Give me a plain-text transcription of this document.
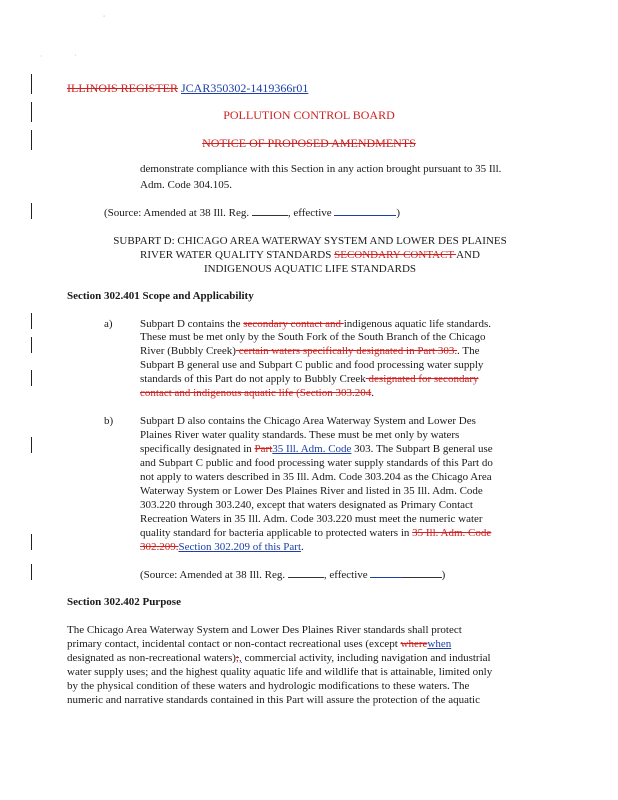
ﾟ
·	·
ILLINOIS REGISTER JCAR350302-1419366r01
POLLUTION CONTROL BOARD
NOTICE OF PROPOSED AMENDMENTS
demonstrate compliance with this Section in any action brought pursuant to 35 Ill.
Adm. Code 304.105.
(Source: Amended at 38 Ill. Reg.	, effective	)
SUBPART D: CHICAGO AREA WATERWAY SYSTEM AND LOWER DES PLAINES
RIVER WATER QUALITY STANDARDS SECONDARY CONTACT AND
INDIGENOUS AQUATIC LIFE STANDARDS
Section 302.401 Scope and Applicability
a) Subpart D contains the secondary contact and indigenous aquatic life standards.
These must be met only by the South Fork of the South Branch of the Chicago
River (Bubbly Creek) certain waters specifically designated in Part 303.. The
Subpart B general use and Subpart C public and food processing water supply
standards of this Part do not apply to Bubbly Creek designated for secondary
contact and indigenous aquatic life (Section 303.204.
b) Subpart D also contains the Chicago Area Waterway System and Lower Des
Plaines River water quality standards. These must be met only by waters
specifically designated in Part35 Ill. Adm. Code 303. The Subpart B general use
and Subpart C public and food processing water supply standards of this Part do
not apply to waters described in 35 Ill. Adm. Code 303.204 as the Chicago Area
Waterway System or Lower Des Plaines River and listed in 35 Ill. Adm. Code
303.220 through 303.240, except that waters designated as Primary Contact
Recreation Waters in 35 Ill. Adm. Code 303.220 must meet the numeric water
quality standard for bacteria applicable to protected waters in 35 Ill. Adm. Code
302.209.Section 302.209 of this Part.
(Source: Amended at 38 Ill. Reg.	, effective	)
Section 302.402 Purpose
The Chicago Area Waterway System and Lower Des Plaines River standards shall protect
primary contact, incidental contact or non-contact recreational uses (except wherewhen
designated as non-recreational waters);, commercial activity, including navigation and industrial
water supply uses; and the highest quality aquatic life and wildlife that is attainable, limited only
by the physical condition of these waters and hydrologic modifications to these waters. The
numeric and narrative standards contained in this Part will assure the protection of the aquatic
